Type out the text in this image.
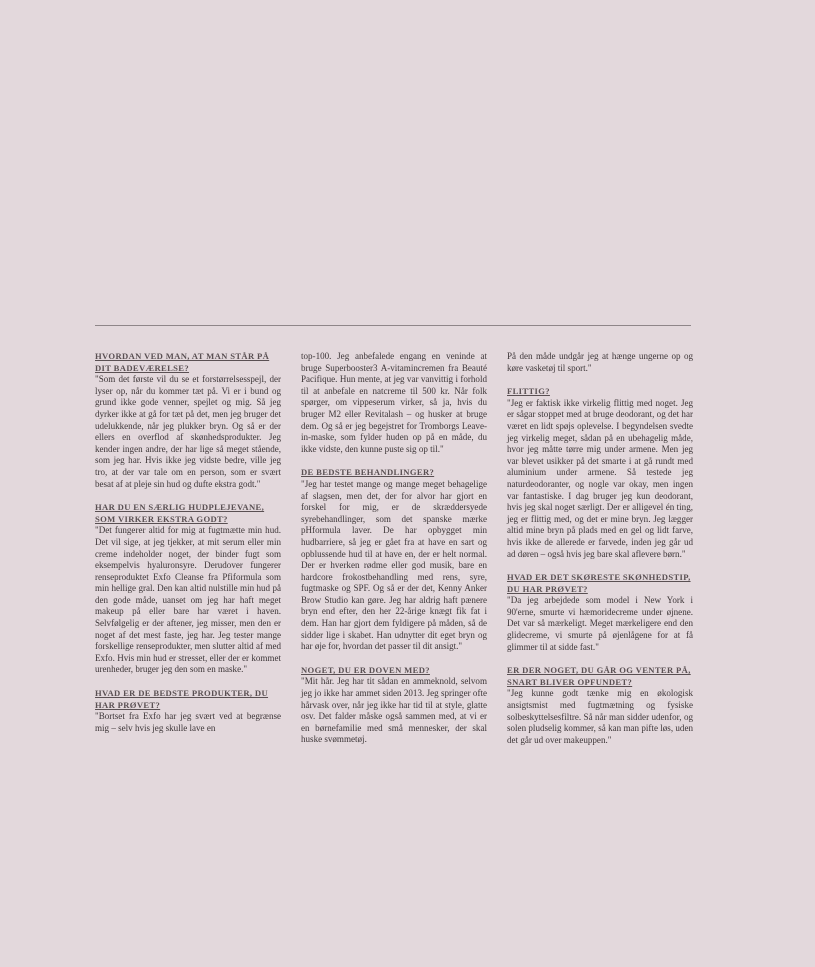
HVORDAN VED MAN, AT MAN STÅR PÅ DIT BADEVÆRELSE?

"Som det første vil du se et forstørrelsesspejl, der lyser op, når du kommer tæt på. Vi er i bund og grund ikke gode venner, spejlet og mig. Så jeg dyrker ikke at gå for tæt på det, men jeg bruger det udelukkende, når jeg plukker bryn. Og så er der ellers en overflod af skønhedsprodukter. Jeg kender ingen andre, der har lige så meget stående, som jeg har. Hvis ikke jeg vidste bedre, ville jeg tro, at der var tale om en person, som er svært besat af at pleje sin hud og dufte ekstra godt."

HAR DU EN SÆRLIG HUDPLEJEVANE, SOM VIRKER EKSTRA GODT?

"Det fungerer altid for mig at fugtmætte min hud. Det vil sige, at jeg tjekker, at mit serum eller min creme indeholder noget, der binder fugt som eksempelvis hyaluronsyre. Derudover fungerer renseproduktet Exfo Cleanse fra Pfiformula som min hellige gral. Den kan altid nulstille min hud på den gode måde, uanset om jeg har haft meget makeup på eller bare har været i haven. Selvfølgelig er der aftener, jeg misser, men den er noget af det mest faste, jeg har. Jeg tester mange forskellige renseprodukter, men slutter altid af med Exfo. Hvis min hud er stresset, eller der er kommet urenheder, bruger jeg den som en maske."

HVAD ER DE BEDSTE PRODUKTER, DU HAR PRØVET?

"Bortset fra Exfo har jeg svært ved at begrænse mig – selv hvis jeg skulle lave en

top-100. Jeg anbefalede engang en veninde at bruge Superbooster3 A-vitamincremen fra Beauté Pacifique. Hun mente, at jeg var vanvittig i forhold til at anbefale en natcreme til 500 kr. Når folk spørger, om vippeserum virker, så ja, hvis du bruger M2 eller Revitalash – og husker at bruge dem. Og så er jeg begejstret for Tromborgs Leave-in-maske, som fylder huden op på en måde, du ikke vidste, den kunne puste sig op til."

DE BEDSTE BEHANDLINGER?

"Jeg har testet mange og mange meget behagelige af slagsen, men det, der for alvor har gjort en forskel for mig, er de skræddersyede syrebehandlinger, som det spanske mærke pHformula laver. De har opbygget min hudbarriere, så jeg er gået fra at have en sart og opblussende hud til at have en, der er helt normal. Der er hverken rødme eller god musik, bare en hardcore frokostbehandling med rens, syre, fugtmaske og SPF. Og så er der det, Kenny Anker Brow Studio kan gøre. Jeg har aldrig haft pænere bryn end efter, den her 22-årige knægt fik fat i dem. Han har gjort dem fyldigere på måden, så de sidder lige i skabet. Han udnytter dit eget bryn og har øje for, hvordan det passer til dit ansigt."

NOGET, DU ER DOVEN MED?

"Mit hår. Jeg har tit sådan en ammeknold, selvom jeg jo ikke har ammet siden 2013. Jeg springer ofte hårvask over, når jeg ikke har tid til at style, glatte osv. Det falder måske også sammen med, at vi er en børnefamilie med små mennesker, der skal huske svømmetøj.

På den måde undgår jeg at hænge ungerne op og køre vasketøj til sport."

FLITTIG?

"Jeg er faktisk ikke virkelig flittig med noget. Jeg er sågar stoppet med at bruge deodorant, og det har været en lidt spøjs oplevelse. I begyndelsen svedte jeg virkelig meget, sådan på en ubehagelig måde, hvor jeg måtte tørre mig under armene. Men jeg var blevet usikker på det smarte i at gå rundt med aluminium under armene. Så testede jeg naturdeodoranter, og nogle var okay, men ingen var fantastiske. I dag bruger jeg kun deodorant, hvis jeg skal noget særligt. Der er alligevel én ting, jeg er flittig med, og det er mine bryn. Jeg lægger altid mine bryn på plads med en gel og lidt farve, hvis ikke de allerede er farvede, inden jeg går ud ad døren – også hvis jeg bare skal aflevere børn."

HVAD ER DET SKØRESTE SKØNHEDSTIP, DU HAR PRØVET?

"Da jeg arbejdede som model i New York i 90'erne, smurte vi hæmoridecreme under øjnene. Det var så mærkeligt. Meget mærkeligere end den glidecreme, vi smurte på øjenlågene for at få glimmer til at sidde fast."

ER DER NOGET, DU GÅR OG VENTER PÅ, SNART BLIVER OPFUNDET?

"Jeg kunne godt tænke mig en økologisk ansigtsmist med fugtmætning og fysiske solbeskyttelsesfiltre. Så når man sidder udenfor, og solen pludselig kommer, så kan man pifte løs, uden det går ud over makeuppen."
